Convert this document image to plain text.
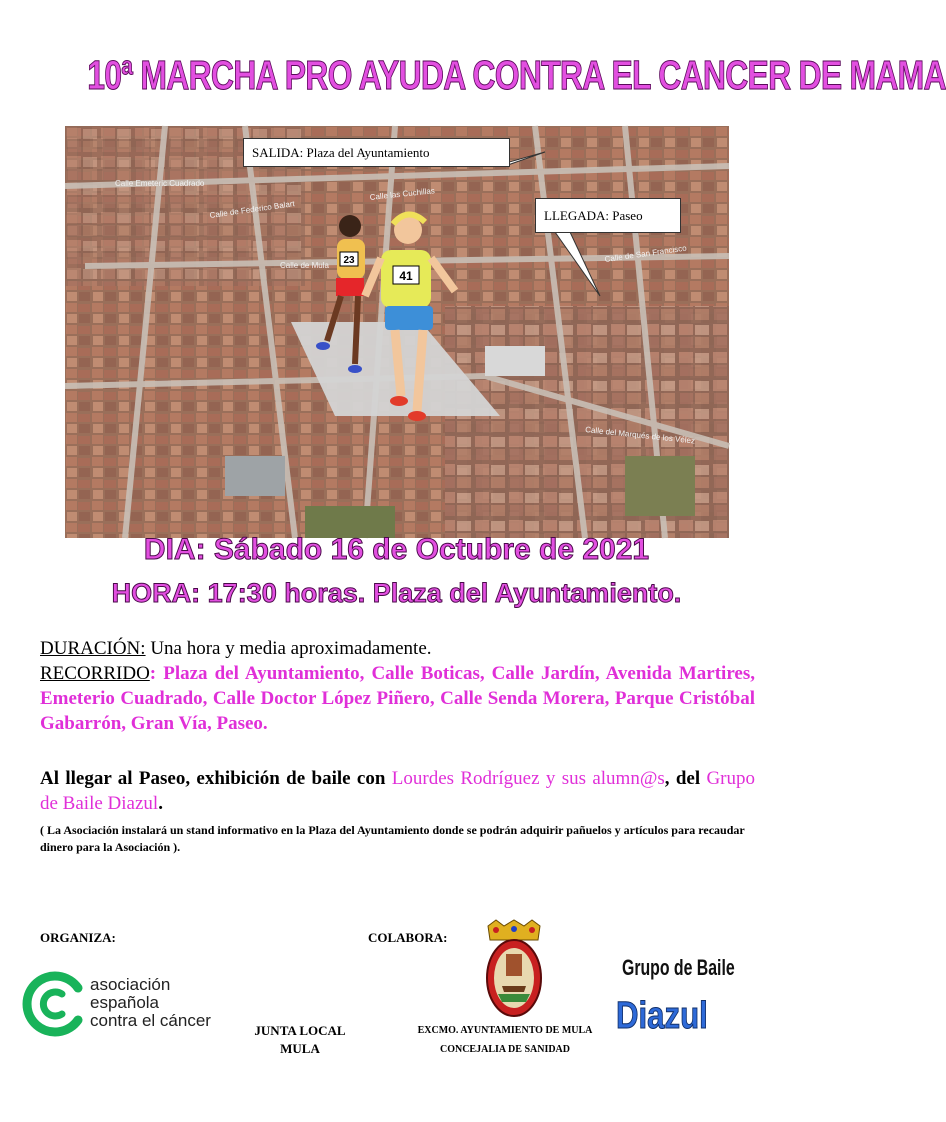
10ª MARCHA PRO AYUDA CONTRA EL CANCER DE MAMA
23
41
Calle de Federico Balart
Calle de Mula
Calle las Cuchillas
Calle de San Francisco
Calle del Marqués de los Vélez
Calle Emeteric Cuadrado
SALIDA: Plaza del Ayuntamiento
LLEGADA: Paseo
DIA: Sábado 16 de Octubre de 2021
HORA: 17:30 horas. Plaza del Ayuntamiento.
DURACIÓN: Una hora y media aproximadamente.
RECORRIDO: Plaza del Ayuntamiento, Calle Boticas, Calle Jardín, Avenida Martires, Emeterio Cuadrado, Calle Doctor López Piñero, Calle Senda Morera, Parque Cristóbal Gabarrón, Gran Vía, Paseo.
Al llegar al Paseo, exhibición de baile con Lourdes Rodríguez y sus alumn@s, del Grupo de Baile Diazul.
( La Asociación instalará un stand informativo en la Plaza del Ayuntamiento donde se podrán adquirir pañuelos y artículos para recaudar dinero para la Asociación ).
ORGANIZA:
asociación
española
contra el cáncer
JUNTA LOCAL
MULA
COLABORA:
EXCMO. AYUNTAMIENTO DE MULA
CONCEJALIA DE SANIDAD
Grupo de Baile
Diazul
